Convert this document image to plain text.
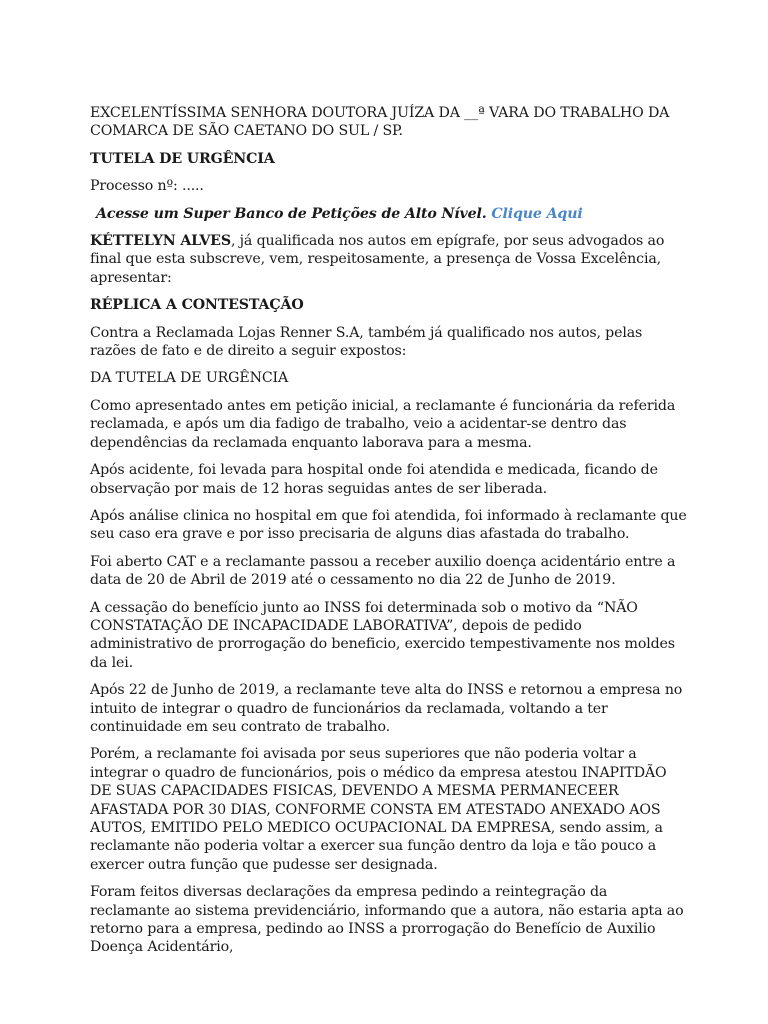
EXCELENTÍSSIMA SENHORA DOUTORA JUÍZA DA __ª VARA DO TRABALHO DA COMARCA DE SÃO CAETANO DO SUL / SP.

TUTELA DE URGÊNCIA

Processo nº: .....

Acesse um Super Banco de Petições de Alto Nível. Clique Aqui

KÉTTELYN ALVES, já qualificada nos autos em epígrafe, por seus advogados ao final que esta subscreve, vem, respeitosamente, a presença de Vossa Excelência, apresentar:

RÉPLICA A CONTESTAÇÃO

Contra a Reclamada Lojas Renner S.A, também já qualificado nos autos, pelas razões de fato e de direito a seguir expostos:

DA TUTELA DE URGÊNCIA

Como apresentado antes em petição inicial, a reclamante é funcionária da referida reclamada, e após um dia fadigo de trabalho, veio a acidentar-se dentro das dependências da reclamada enquanto laborava para a mesma.

Após acidente, foi levada para hospital onde foi atendida e medicada, ficando de observação por mais de 12 horas seguidas antes de ser liberada.

Após análise clinica no hospital em que foi atendida, foi informado à reclamante que seu caso era grave e por isso precisaria de alguns dias afastada do trabalho.

Foi aberto CAT e a reclamante passou a receber auxilio doença acidentário entre a data de 20 de Abril de 2019 até o cessamento no dia 22 de Junho de 2019.

A cessação do benefício junto ao INSS foi determinada sob o motivo da “NÃO CONSTATAÇÃO DE INCAPACIDADE LABORATIVA”, depois de pedido administrativo de prorrogação do beneficio, exercido tempestivamente nos moldes da lei.

Após 22 de Junho de 2019, a reclamante teve alta do INSS e retornou a empresa no intuito de integrar o quadro de funcionários da reclamada, voltando a ter continuidade em seu contrato de trabalho.

Porém, a reclamante foi avisada por seus superiores que não poderia voltar a integrar o quadro de funcionários, pois o médico da empresa atestou INAPITDÃO DE SUAS CAPACIDADES FISICAS, DEVENDO A MESMA PERMANECEER AFASTADA POR 30 DIAS, CONFORME CONSTA EM ATESTADO ANEXADO AOS AUTOS, EMITIDO PELO MEDICO OCUPACIONAL DA EMPRESA, sendo assim, a reclamante não poderia voltar a exercer sua função dentro da loja e tão pouco a exercer outra função que pudesse ser designada.

Foram feitos diversas declarações da empresa pedindo a reintegração da reclamante ao sistema previdenciário, informando que a autora, não estaria apta ao retorno para a empresa, pedindo ao INSS a prorrogação do Benefício de Auxilio Doença Acidentário,
